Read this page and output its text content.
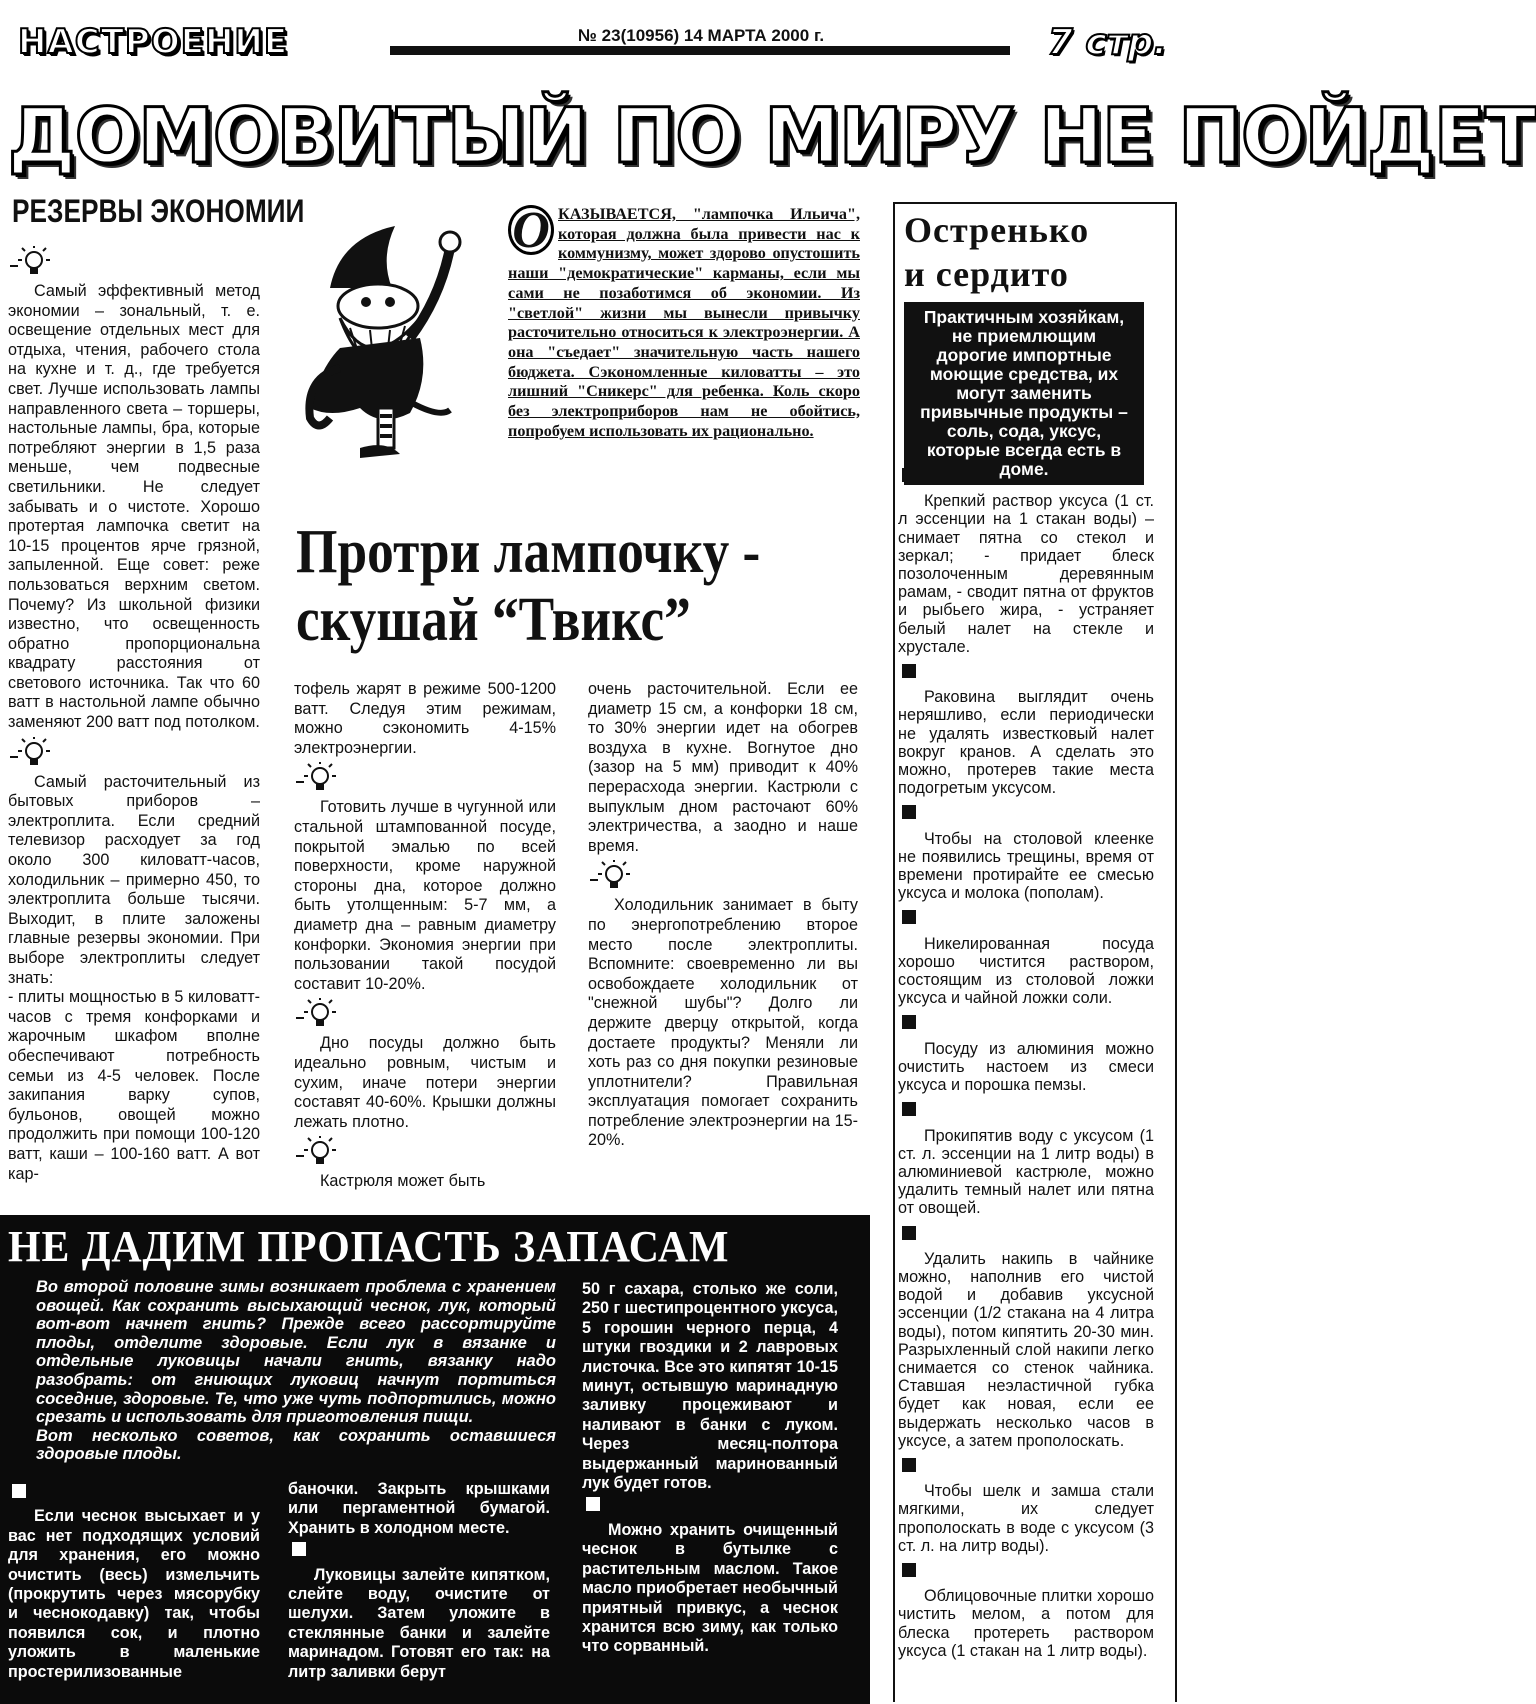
НАСТРОЕНИЕ	№ 23(10956) 14 МАРТА 2000 г.	7 стр.
ДОМОВИТЫЙ ПО МИРУ НЕ ПОЙДЕТ
РЕЗЕРВЫ ЭКОНОМИИ	О КАЗЫВАЕТСЯ, "лампочка Ильича", которая должна была привести нас к коммунизму, может здорово опустошить наши "демократические" карманы, если мы сами не позаботимся об экономии. Из "светлой" жизни мы вынесли привычку расточительно относиться к электроэнергии. А она "съедает" значительную часть нашего бюджета. Сэкономленные киловатты – это лишний "Сникерс" для ребенка. Коль скоро без электроприборов нам не обойтись, попробуем использовать их рационально.
Протри лампочку - скушай “Твикс”

Самый эффективный метод экономии – зональный, т. е. освещение отдельных мест для отдыха, чтения, рабочего стола на кухне и т. д., где требуется свет. Лучше использовать лампы направленного света – торшеры, настольные лампы, бра, которые потребляют энергии в 1,5 раза меньше, чем подвесные светильники. Не следует забывать и о чистоте. Хорошо протертая лампочка светит на 10-15 процентов ярче грязной, запыленной. Еще совет: реже пользоваться верхним светом. Почему? Из школьной физики известно, что освещенность обратно пропорциональна квадрату расстояния от светового источника. Так что 60 ватт в настольной лампе обычно заменяют 200 ватт под потолком.

Самый расточительный из бытовых приборов – электроплита. Если средний телевизор расходует за год около 300 киловатт-часов, холодильник – примерно 450, то электроплита больше тысячи. Выходит, в плите заложены главные резервы экономии. При выборе электроплиты следует знать:

- плиты мощностью в 5 киловатт-часов с тремя конфорками и жарочным шкафом вполне обеспечивают потребность семьи из 4-5 человек. После закипания варку супов, бульонов, овощей можно продолжить при помощи 100-120 ватт, каши – 100-160 ватт. А вот кар-

тофель жарят в режиме 500-1200 ватт. Следуя этим режимам, можно сэкономить 4-15% электроэнергии.

Готовить лучше в чугунной или стальной штампованной посуде, покрытой эмалью по всей поверхности, кроме наружной стороны дна, которое должно быть утолщенным: 5-7 мм, а диаметр дна – равным диаметру конфорки. Экономия энергии при пользовании такой посудой составит 10-20%.

Дно посуды должно быть идеально ровным, чистым и сухим, иначе потери энергии составят 40-60%. Крышки должны лежать плотно.

Кастрюля может быть

очень расточительной. Если ее диаметр 15 см, а конфорки 18 см, то 30% энергии идет на обогрев воздуха в кухне. Вогнутое дно (зазор на 5 мм) приводит к 40% перерасхода энергии. Кастрюли с выпуклым дном расточают 60% электричества, а заодно и наше время.

Холодильник занимает в быту по энергопотреблению второе место после электроплиты. Вспомните: своевременно ли вы освобождаете холодильник от "снежной шубы"? Долго ли держите дверцу открытой, когда достаете продукты? Меняли ли хоть раз со дня покупки резиновые уплотнители? Правильная эксплуатация помогает сохранить потребление электроэнергии на 15-20%.

Остренько
и сердито
Практичным хозяйкам, не приемлющим дорогие импортные моющие средства, их могут заменить привычные продукты – соль, сода, уксус, которые всегда есть в доме.

Крепкий раствор уксуса (1 ст. л эссенции на 1 стакан воды) – снимает пятна со стекол и зеркал; - придает блеск позолоченным деревянным рамам, - сводит пятна от фруктов и рыбьего жира, - устраняет белый налет на стекле и хрустале.

Раковина выглядит очень неряшливо, если периодически не удалять известковый налет вокруг кранов. А сделать это можно, протерев такие места подогретым уксусом.

Чтобы на столовой клеенке не появились трещины, время от времени протирайте ее смесью уксуса и молока (пополам).

Никелированная посуда хорошо чистится раствором, состоящим из столовой ложки уксуса и чайной ложки соли.

Посуду из алюминия можно очистить настоем из смеси уксуса и порошка пемзы.

Прокипятив воду с уксусом (1 ст. л. эссенции на 1 литр воды) в алюминиевой кастрюле, можно удалить темный налет или пятна от овощей.

Удалить накипь в чайнике можно, наполнив его чистой водой и добавив уксусной эссенции (1/2 стакана на 4 литра воды), потом кипятить 20-30 мин. Разрыхленный слой накипи легко снимается со стенок чайника. Ставшая неэластичной губка будет как новая, если ее выдержать несколько часов в уксусе, а затем прополоскать.

Чтобы шелк и замша стали мягкими, их следует прополоскать в воде с уксусом (3 ст. л. на литр воды).

Облицовочные плитки хорошо чистить мелом, а потом для блеска протереть раствором уксуса (1 стакан на 1 литр воды).

НЕ ДАДИМ ПРОПАСТЬ ЗАПАСАМ

Во второй половине зимы возникает проблема с хранением овощей. Как сохранить высыхающий чеснок, лук, который вот-вот начнет гнить? Прежде всего рассортируйте плоды, отделите здоровые. Если лук в вязанке и отдельные луковицы начали гнить, вязанку надо разобрать: от гниющих луковиц начнут портиться соседние, здоровые. Те, что уже чуть подпортились, можно срезать и использовать для приготовления пищи.

Вот несколько советов, как сохранить оставшиеся здоровые плоды.

Если чеснок высыхает и у вас нет подходящих условий для хранения, его можно очистить (весь) измельчить (прокрутить через мясорубку и чеснокодавку) так, чтобы появился сок, и плотно уложить в маленькие простерилизованные

баночки. Закрыть крышками или пергаментной бумагой. Хранить в холодном месте.

Луковицы залейте кипятком, слейте воду, очистите от шелухи. Затем уложите в стеклянные банки и залейте маринадом. Готовят его так: на литр заливки берут

50 г сахара, столько же соли, 250 г шестипроцентного уксуса, 5 горошин черного перца, 4 штуки гвоздики и 2 лавровых листочка. Все это кипятят 10-15 минут, остывшую маринадную заливку процеживают и наливают в банки с луком. Через месяц-полтора выдержанный маринованный лук будет готов.

Можно хранить очищенный чеснок в бутылке с растительным маслом. Такое масло приобретает необычный приятный привкус, а чеснок хранится всю зиму, как только что сорванный.
